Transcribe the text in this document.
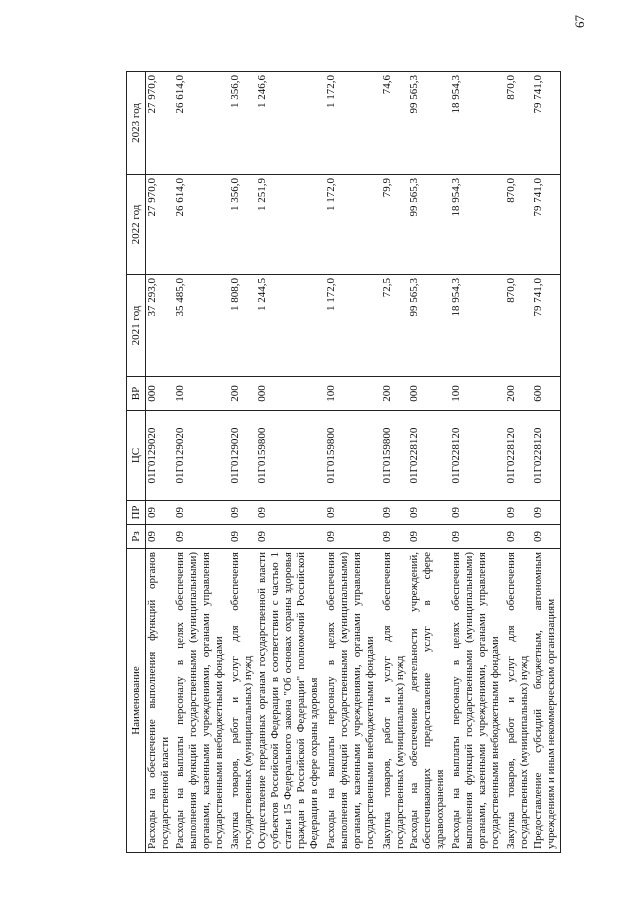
67
Наименование	Рз	ПР	ЦС	ВР	2021 год	2022 год	2023 год
Расходы на обеспечение выполнения функций органов государственной власти	09	09	01Г0129020	000	37 293,0	27 970,0	27 970,0
Расходы на выплаты персоналу в целях обеспечения выполнения функций государственными (муниципальными) органами, казенными учреждениями, органами управления государственными внебюджетными фондами	09	09	01Г0129020	100	35 485,0	26 614,0	26 614,0
Закупка товаров, работ и услуг для обеспечения государственных (муниципальных) нужд	09	09	01Г0129020	200	1 808,0	1 356,0	1 356,0
Осуществление переданных органам государственной власти субъектов Российской Федерации в соответствии с частью 1 статьи 15 Федерального закона "Об основах охраны здоровья граждан в Российской Федерации" полномочий Российской Федерации в сфере охраны здоровья	09	09	01Г0159800	000	1 244,5	1 251,9	1 246,6
Расходы на выплаты персоналу в целях обеспечения выполнения функций государственными (муниципальными) органами, казенными учреждениями, органами управления государственными внебюджетными фондами	09	09	01Г0159800	100	1 172,0	1 172,0	1 172,0
Закупка товаров, работ и услуг для обеспечения государственных (муниципальных) нужд	09	09	01Г0159800	200	72,5	79,9	74,6
Расходы на обеспечение деятельности учреждений, обеспечивающих предоставление услуг в сфере здравоохранения	09	09	01Г0228120	000	99 565,3	99 565,3	99 565,3
Расходы на выплаты персоналу в целях обеспечения выполнения функций государственными (муниципальными) органами, казенными учреждениями, органами управления государственными внебюджетными фондами	09	09	01Г0228120	100	18 954,3	18 954,3	18 954,3
Закупка товаров, работ и услуг для обеспечения государственных (муниципальных) нужд	09	09	01Г0228120	200	870,0	870,0	870,0
Предоставление субсидий бюджетным, автономным учреждениям и иным некоммерческим организациям	09	09	01Г0228120	600	79 741,0	79 741,0	79 741,0
